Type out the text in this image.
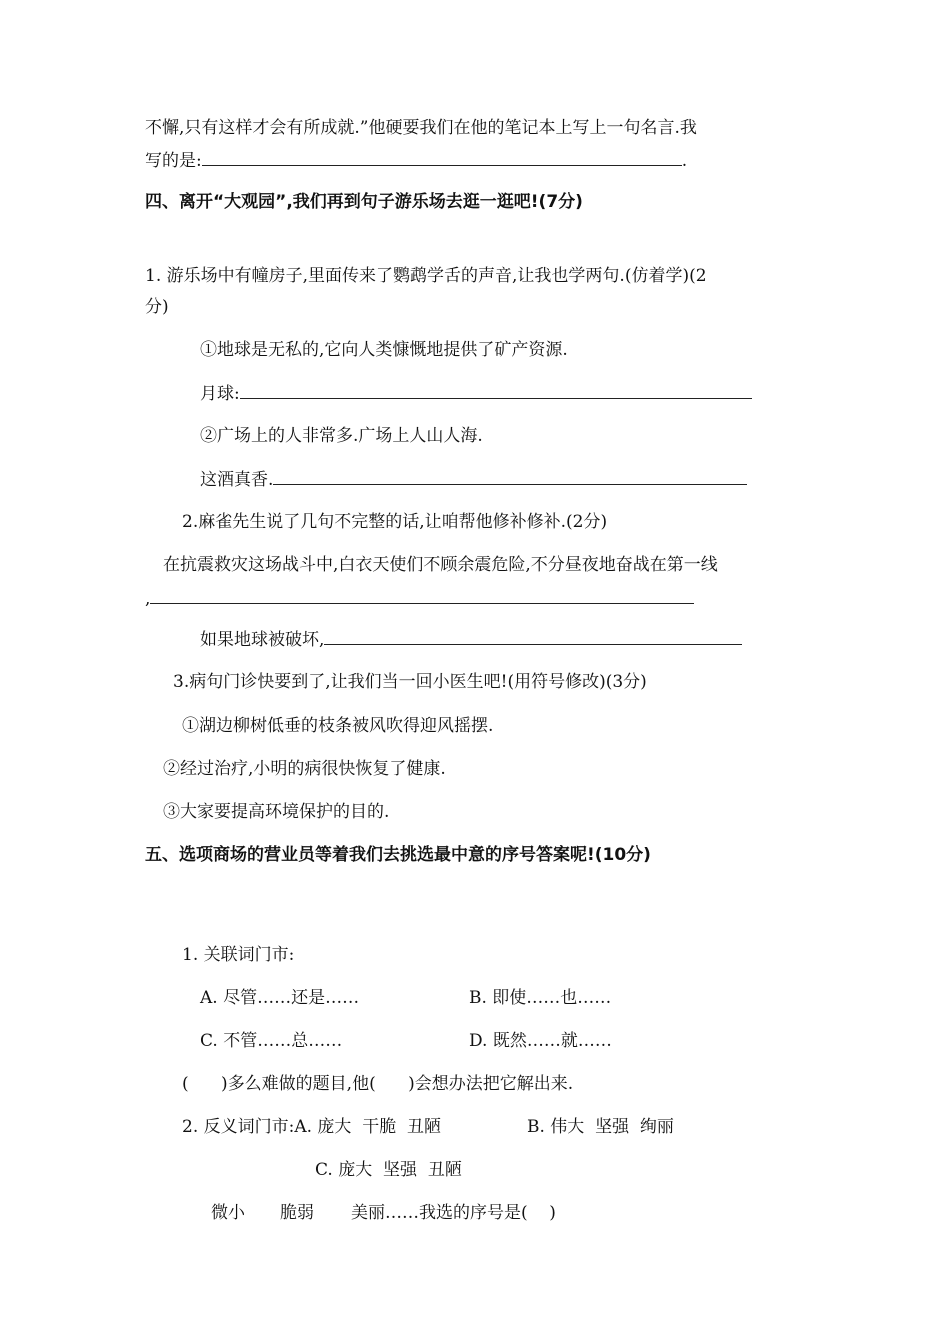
不懈,只有这样才会有所成就.”他硬要我们在他的笔记本上写上一句名言.我
写的是:	.
四、离开“大观园”,我们再到句子游乐场去逛一逛吧!(7分)
1. 游乐场中有幢房子,里面传来了鹦鹉学舌的声音,让我也学两句.(仿着学)(2
分)
①地球是无私的,它向人类慷慨地提供了矿产资源.
月球:
②广场上的人非常多.广场上人山人海.
这酒真香.
2.麻雀先生说了几句不完整的话,让咱帮他修补修补.(2分)
在抗震救灾这场战斗中,白衣天使们不顾余震危险,不分昼夜地奋战在第一线
,
如果地球被破坏,
3.病句门诊快要到了,让我们当一回小医生吧!(用符号修改)(3分)
①湖边柳树低垂的枝条被风吹得迎风摇摆.
②经过治疗,小明的病很快恢复了健康.
③大家要提高环境保护的目的.
五、选项商场的营业员等着我们去挑选最中意的序号答案呢!(10分)
1. 关联词门市:
A. 尽管……还是……	B. 即使……也……
C. 不管……总……	D. 既然……就……
(      )多么难做的题目,他(      )会想办法把它解出来.
2. 反义词门市:A. 庞大  干脆  丑陋	B. 伟大  坚强  绚丽
C. 庞大  坚强  丑陋
微小 脆弱 美丽……我选的序号是(    )
